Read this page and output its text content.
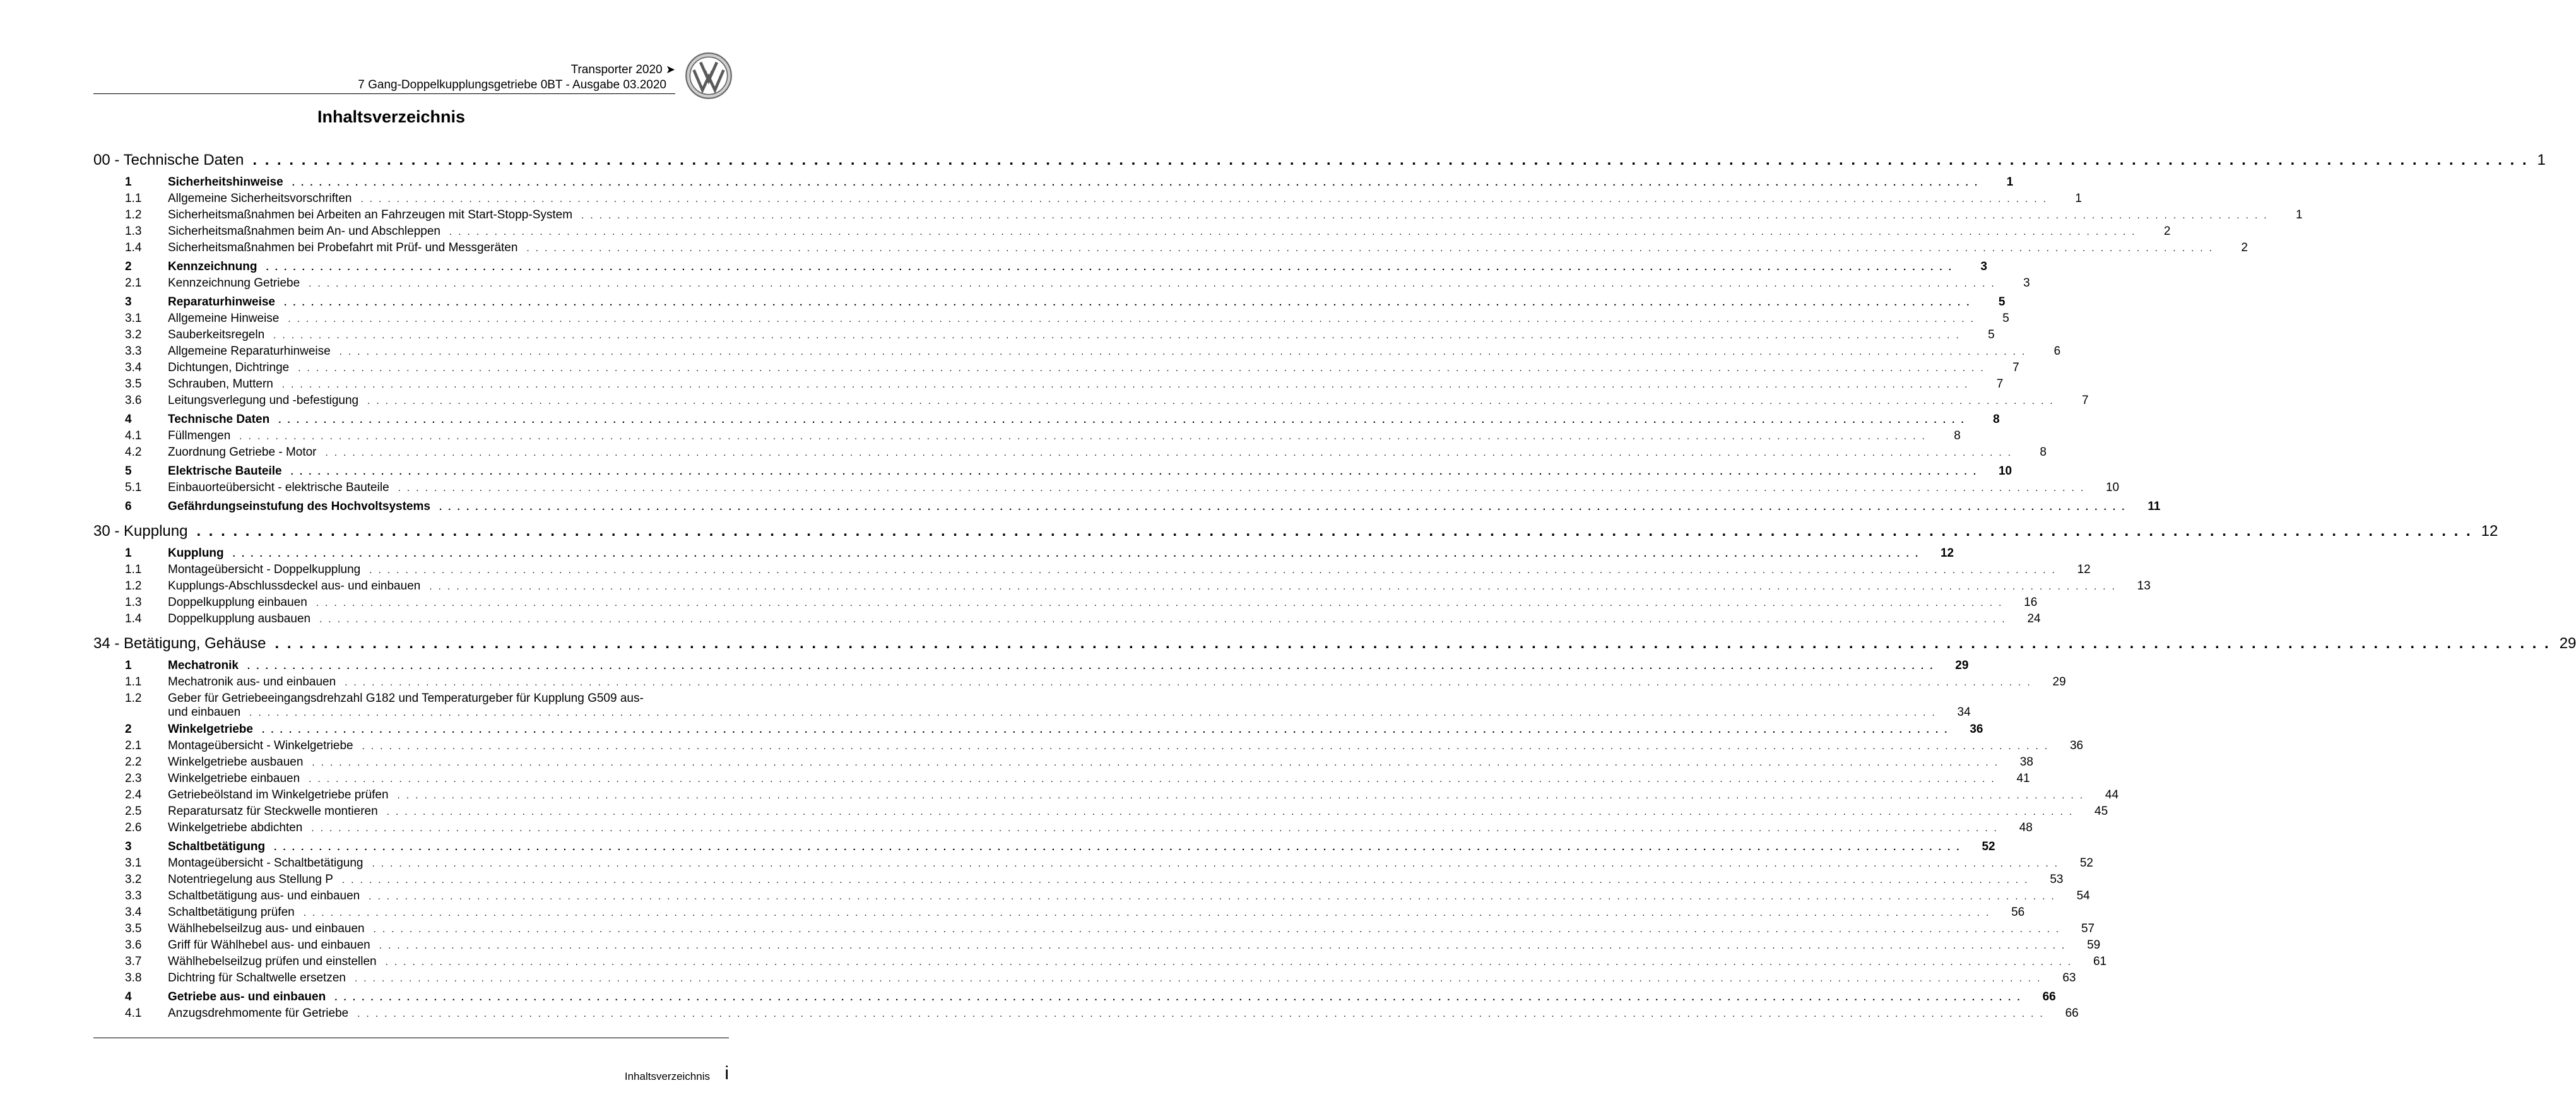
Transporter 2020 ➤
7 Gang-Doppelkupplungsgetriebe 0BT - Ausgabe 03.2020
Inhaltsverzeichnis
00 - Technische Daten . . .	1
1	Sicherheitshinweise . . .	1
1.1	Allgemeine Sicherheitsvorschriften . . .	1
1.2	Sicherheitsmaßnahmen bei Arbeiten an Fahrzeugen mit Start-Stopp-System . . .	1
1.3	Sicherheitsmaßnahmen beim An- und Abschleppen . . .	2
1.4	Sicherheitsmaßnahmen bei Probefahrt mit Prüf- und Messgeräten . . .	2
2	Kennzeichnung . . .	3
2.1	Kennzeichnung Getriebe . . .	3
3	Reparaturhinweise . . .	5
3.1	Allgemeine Hinweise . . .	5
3.2	Sauberkeitsregeln . . .	5
3.3	Allgemeine Reparaturhinweise . . .	6
3.4	Dichtungen, Dichtringe . . .	7
3.5	Schrauben, Muttern . . .	7
3.6	Leitungsverlegung und -befestigung . . .	7
4	Technische Daten . . .	8
4.1	Füllmengen . . .	8
4.2	Zuordnung Getriebe - Motor . . .	8
5	Elektrische Bauteile . . .	10
5.1	Einbauorteübersicht - elektrische Bauteile . . .	10
6	Gefährdungseinstufung des Hochvoltsystems . . .	11
30 - Kupplung . . .	12
1	Kupplung . . .	12
1.1	Montageübersicht - Doppelkupplung . . .	12
1.2	Kupplungs-Abschlussdeckel aus- und einbauen . . .	13
1.3	Doppelkupplung einbauen . . .	16
1.4	Doppelkupplung ausbauen . . .	24
34 - Betätigung, Gehäuse . . .	29
1	Mechatronik . . .	29
1.1	Mechatronik aus- und einbauen . . .	29
1.2	Geber für Getriebeeingangsdrehzahl G182 und Temperaturgeber für Kupplung G509 aus-
und einbauen . . .	34
2	Winkelgetriebe . . .	36
2.1	Montageübersicht - Winkelgetriebe . . .	36
2.2	Winkelgetriebe ausbauen . . .	38
2.3	Winkelgetriebe einbauen . . .	41
2.4	Getriebeölstand im Winkelgetriebe prüfen . . .	44
2.5	Reparatursatz für Steckwelle montieren . . .	45
2.6	Winkelgetriebe abdichten . . .	48
3	Schaltbetätigung . . .	52
3.1	Montageübersicht - Schaltbetätigung . . .	52
3.2	Notentriegelung aus Stellung P . . .	53
3.3	Schaltbetätigung aus- und einbauen . . .	54
3.4	Schaltbetätigung prüfen . . .	56
3.5	Wählhebelseilzug aus- und einbauen . . .	57
3.6	Griff für Wählhebel aus- und einbauen . . .	59
3.7	Wählhebelseilzug prüfen und einstellen . . .	61
3.8	Dichtring für Schaltwelle ersetzen . . .	63
4	Getriebe aus- und einbauen . . .	66
4.1	Anzugsdrehmomente für Getriebe . . .	66
Inhaltsverzeichnis i
